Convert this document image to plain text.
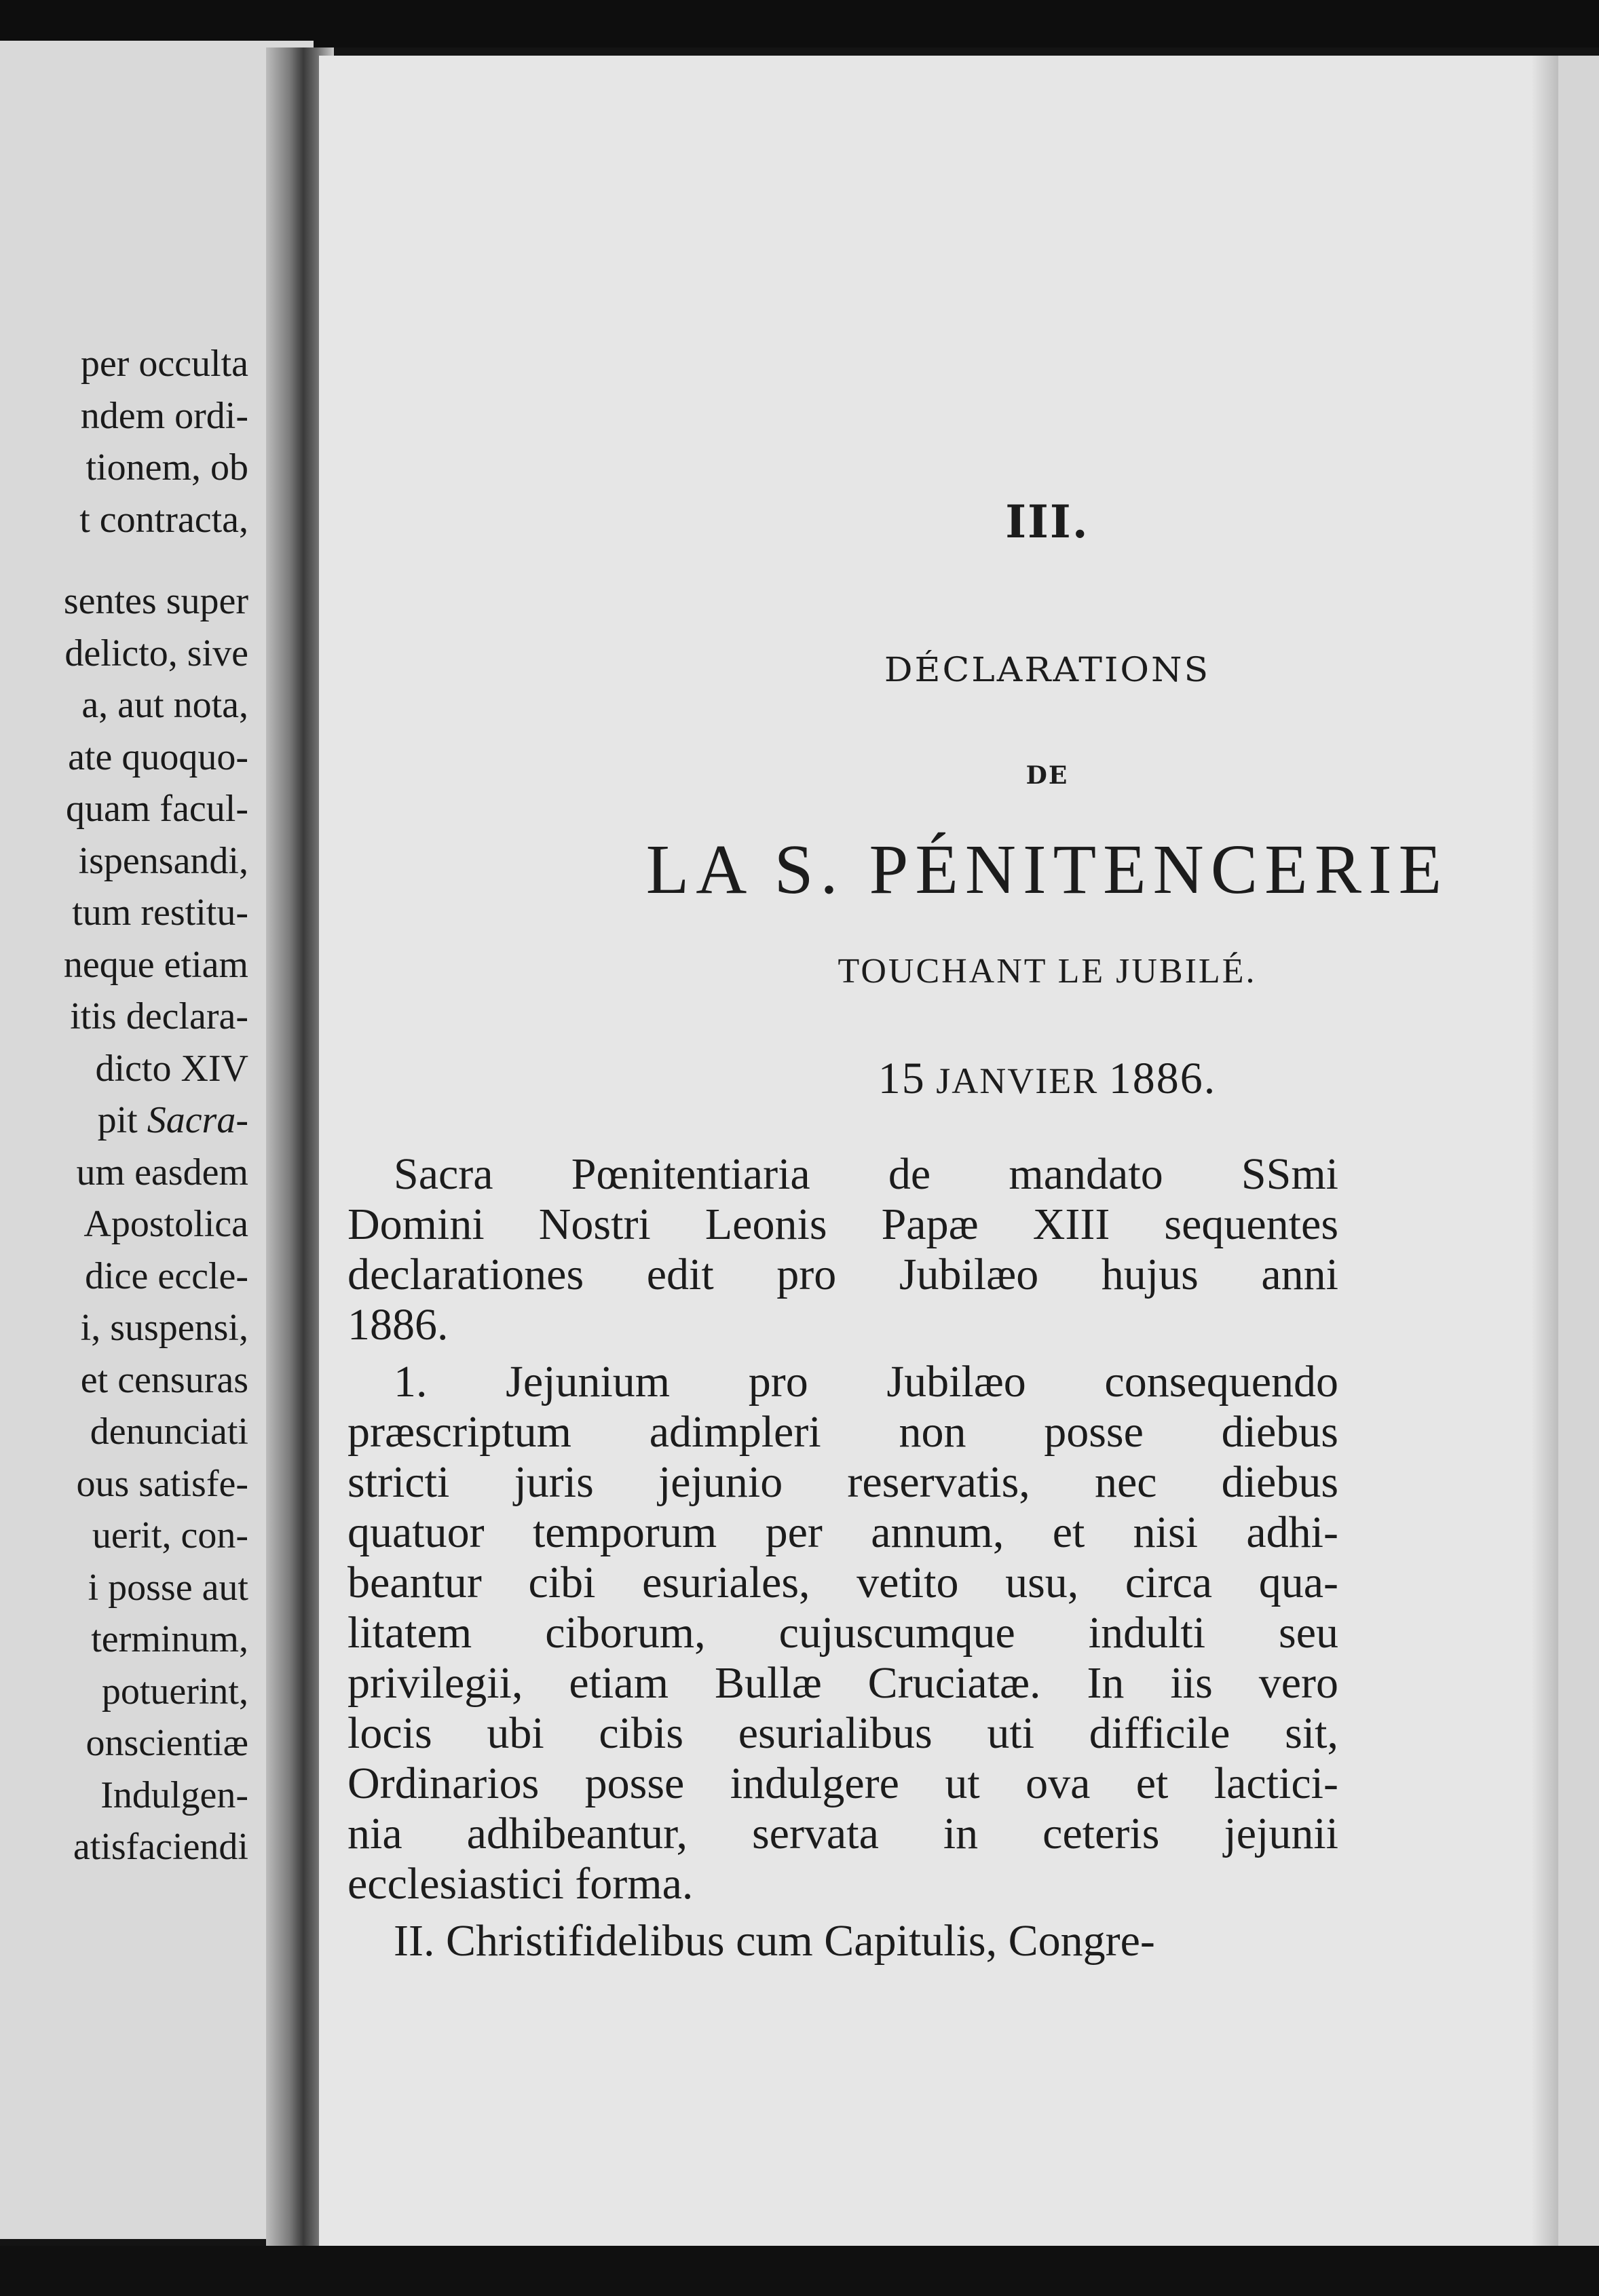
per occulta
ndem ordi-
tionem, ob
t contracta,
sentes super
delicto, sive
a, aut nota,
ate quoquo-
quam facul-
ispensandi,
tum restitu-
neque etiam
itis declara-
dicto XIV
pit Sacra-
um easdem
Apostolica
dice eccle-
i, suspensi,
et censuras
denunciati
ous satisfe-
uerit, con-
i posse aut
terminum,
potuerint,
onscientiæ
Indulgen-
atisfaciendi
III.
DÉCLARATIONS
DE
LA S. PÉNITENCERIE
TOUCHANT LE JUBILÉ.
15 JANVIER 1886.
Sacra Pœnitentiaria de mandato SSmi
Domini Nostri Leonis Papæ XIII sequentes
declarationes edit pro Jubilæo hujus anni
1886.
1. Jejunium pro Jubilæo consequendo
præscriptum adimpleri non posse diebus
stricti juris jejunio reservatis, nec diebus
quatuor temporum per annum, et nisi adhi-
beantur cibi esuriales, vetito usu, circa qua-
litatem ciborum, cujuscumque indulti seu
privilegii, etiam Bullæ Cruciatæ. In iis vero
locis ubi cibis esurialibus uti difficile sit,
Ordinarios posse indulgere ut ova et lactici-
nia adhibeantur, servata in ceteris jejunii
ecclesiastici forma.
II. Christifidelibus cum Capitulis, Congre-
